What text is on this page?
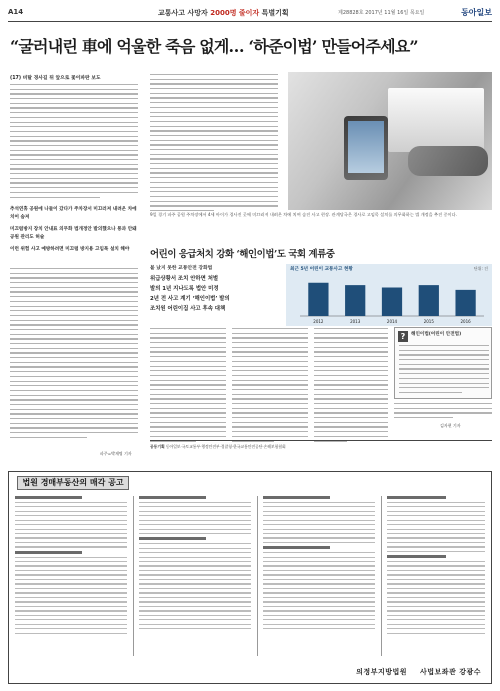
A14	교통사고 사망자 2000명 줄이자 특별기획	제28828호 2017년 11월 16일 목요일	동아일보
“굴러내린 車에 억울한 죽음 없게… ‘하준이법’ 만들어주세요”
(17) 비탈 경사길 뒤 앞으로 꽃이파란 보도
추석연휴 공원에 나들이 갔다가 주차장서 미끄러져 내려온 차에 치어 숨져
미끄럼방지 장치 안내표 의무화 법개정안 발의했으나 통과 안돼 공원 관리도 허술
이런 위험 사고 예방하려면 미끄럼 방지용 고임목 설치 해야
9일 경기 파주 공원 주차장에서 4세 아이가 경사진 곳에 미끄러져 내려온 차에 치여 숨진 사고 현장. 관계당국은 경사로 고임목 설치를 의무화하는 법 개정을 추진 중이다.
어린이 응급처치 강화 ‘해인이법’도 국회 계류중
불 났지 못한 교통안전 강화법
위급상황서 조치 안하면 처벌
발의 1년 지나도록 법안 미정
2년 전 사고 계기 ‘해인이법’ 발의
조치원 어린이집 사고 후속 대책
최근 5년 어린이 교통사고 현황	단위: 건
2012	2013	2014	2015	2016
?	해인이법(어린이 안전법)
파주=박재명 기자
김자현 기자
공동기획 동아일보·국토교통부·행정안전부·경찰청·한국교통안전공단·손해보험협회
법원 경매부동산의 매각 공고
의정부지방법원 사법보좌관 강광수
